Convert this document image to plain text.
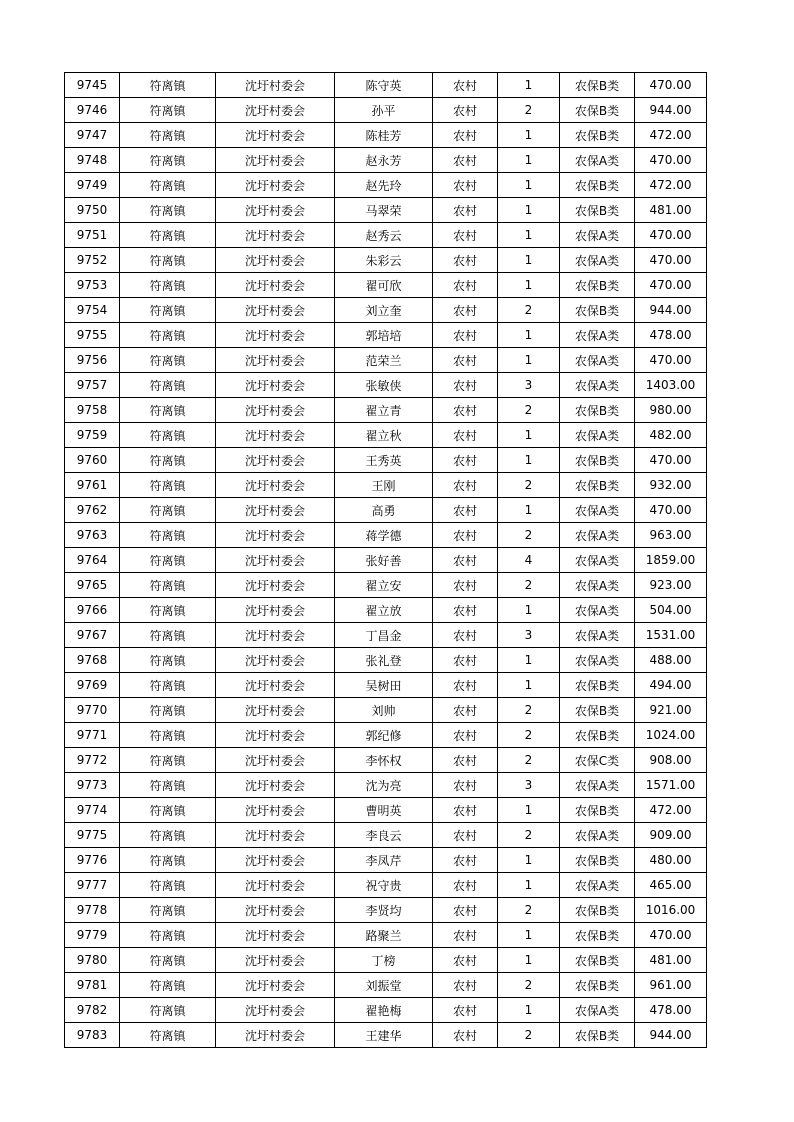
9745	符离镇	沈圩村委会	陈守英	农村	1	农保B类	470.00
9746	符离镇	沈圩村委会	孙平	农村	2	农保B类	944.00
9747	符离镇	沈圩村委会	陈桂芳	农村	1	农保B类	472.00
9748	符离镇	沈圩村委会	赵永芳	农村	1	农保A类	470.00
9749	符离镇	沈圩村委会	赵先玲	农村	1	农保B类	472.00
9750	符离镇	沈圩村委会	马翠荣	农村	1	农保B类	481.00
9751	符离镇	沈圩村委会	赵秀云	农村	1	农保A类	470.00
9752	符离镇	沈圩村委会	朱彩云	农村	1	农保A类	470.00
9753	符离镇	沈圩村委会	翟可欣	农村	1	农保B类	470.00
9754	符离镇	沈圩村委会	刘立奎	农村	2	农保B类	944.00
9755	符离镇	沈圩村委会	郭培培	农村	1	农保A类	478.00
9756	符离镇	沈圩村委会	范荣兰	农村	1	农保A类	470.00
9757	符离镇	沈圩村委会	张敏侠	农村	3	农保A类	1403.00
9758	符离镇	沈圩村委会	翟立青	农村	2	农保B类	980.00
9759	符离镇	沈圩村委会	翟立秋	农村	1	农保A类	482.00
9760	符离镇	沈圩村委会	王秀英	农村	1	农保B类	470.00
9761	符离镇	沈圩村委会	王刚	农村	2	农保B类	932.00
9762	符离镇	沈圩村委会	高勇	农村	1	农保A类	470.00
9763	符离镇	沈圩村委会	蒋学德	农村	2	农保A类	963.00
9764	符离镇	沈圩村委会	张好善	农村	4	农保A类	1859.00
9765	符离镇	沈圩村委会	翟立安	农村	2	农保A类	923.00
9766	符离镇	沈圩村委会	翟立放	农村	1	农保A类	504.00
9767	符离镇	沈圩村委会	丁昌金	农村	3	农保A类	1531.00
9768	符离镇	沈圩村委会	张礼登	农村	1	农保A类	488.00
9769	符离镇	沈圩村委会	吴树田	农村	1	农保B类	494.00
9770	符离镇	沈圩村委会	刘帅	农村	2	农保B类	921.00
9771	符离镇	沈圩村委会	郭纪修	农村	2	农保B类	1024.00
9772	符离镇	沈圩村委会	李怀权	农村	2	农保C类	908.00
9773	符离镇	沈圩村委会	沈为亮	农村	3	农保A类	1571.00
9774	符离镇	沈圩村委会	曹明英	农村	1	农保B类	472.00
9775	符离镇	沈圩村委会	李良云	农村	2	农保A类	909.00
9776	符离镇	沈圩村委会	李凤芹	农村	1	农保B类	480.00
9777	符离镇	沈圩村委会	祝守贵	农村	1	农保A类	465.00
9778	符离镇	沈圩村委会	李贤均	农村	2	农保B类	1016.00
9779	符离镇	沈圩村委会	路聚兰	农村	1	农保B类	470.00
9780	符离镇	沈圩村委会	丁榜	农村	1	农保B类	481.00
9781	符离镇	沈圩村委会	刘振堂	农村	2	农保B类	961.00
9782	符离镇	沈圩村委会	翟艳梅	农村	1	农保A类	478.00
9783	符离镇	沈圩村委会	王建华	农村	2	农保B类	944.00
